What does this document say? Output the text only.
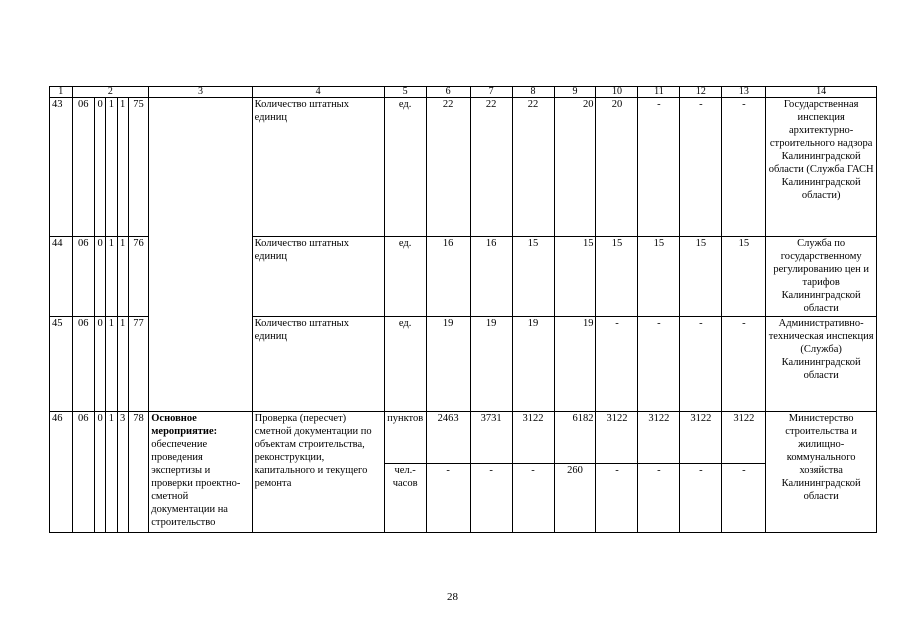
1	2					3	4	5	6	7	8	9	10	11	12	13	14
43	06	0	1	1	75		Количество штатных единиц	ед.	22	22	22	20	20	-	-	-	Государственная инспекция архитектурно-строительного надзора Калининградской области (Служба ГАСН Калининградской области)
44	06	0	1	1	76		Количество штатных единиц	ед.	16	16	15	15	15	15	15	15	Служба по государственному регулированию цен и тарифов Калининградской области
45	06	0	1	1	77		Количество штатных единиц	ед.	19	19	19	19	-	-	-	-	Административно-техническая инспекция (Служба) Калининградской области
46	06	0	1	3	78	Основное мероприятие: обеспечение проведения экспертизы и проверки проектно-сметной документации на строительство	Проверка (пересчет) сметной документации по объектам строительства, реконструкции, капитального и текущего ремонта	пунктов	2463	3731	3122	6182	3122	3122	3122	3122	Министерство строительства и жилищно-коммунального хозяйства Калининградской области
								чел.-часов	-	-	-	260	-	-	-	-	
28
